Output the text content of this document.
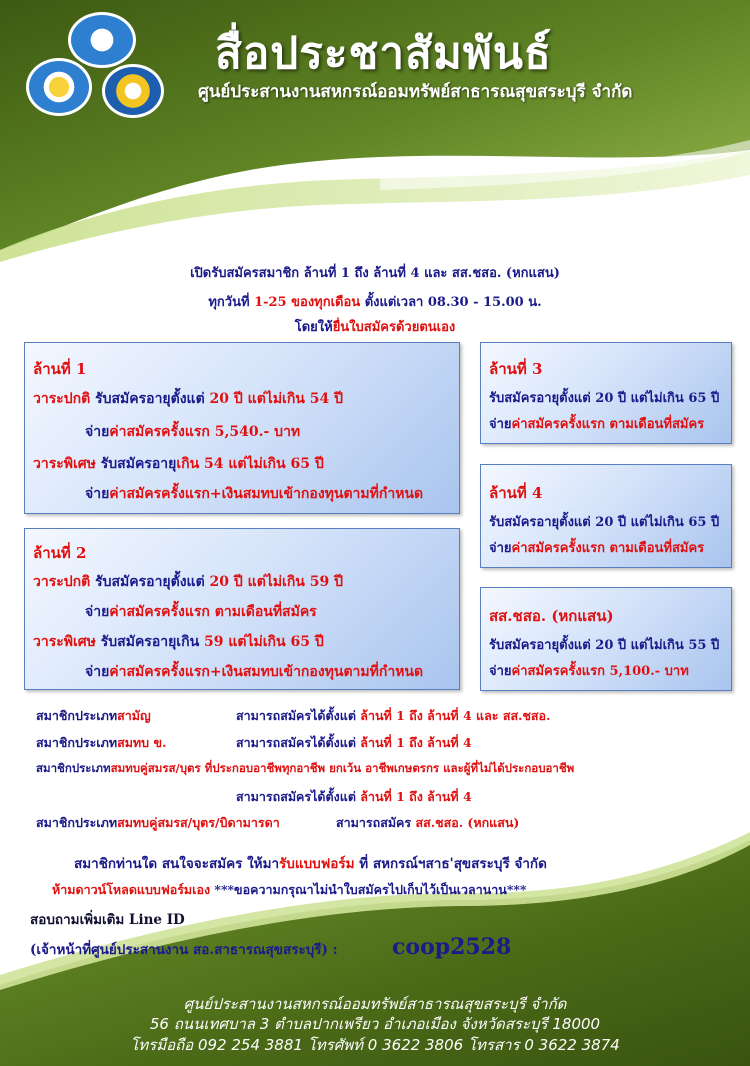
สื่อประชาสัมพันธ์
ศูนย์ประสานงานสหกรณ์ออมทรัพย์สาธารณสุขสระบุรี จำกัด
เปิดรับสมัครสมาชิก ล้านที่ 1 ถึง ล้านที่ 4 และ สส.ชสอ. (หกแสน)
ทุกวันที่ 1-25 ของทุกเดือน ตั้งแต่เวลา 08.30 - 15.00 น.
โดยให้ยื่นใบสมัครด้วยตนเอง
ล้านที่ 1
วาระปกติ รับสมัครอายุตั้งแต่ 20 ปี แต่ไม่เกิน 54 ปี
จ่ายค่าสมัครครั้งแรก 5,540.- บาท
วาระพิเศษ รับสมัครอายุเกิน 54 แต่ไม่เกิน 65 ปี
จ่ายค่าสมัครครั้งแรก+เงินสมทบเข้ากองทุนตามที่กำหนด
ล้านที่ 2
วาระปกติ รับสมัครอายุตั้งแต่ 20 ปี แต่ไม่เกิน 59 ปี
จ่ายค่าสมัครครั้งแรก ตามเดือนที่สมัคร
วาระพิเศษ รับสมัครอายุเกิน 59 แต่ไม่เกิน 65 ปี
จ่ายค่าสมัครครั้งแรก+เงินสมทบเข้ากองทุนตามที่กำหนด
ล้านที่ 3
รับสมัครอายุตั้งแต่ 20 ปี แต่ไม่เกิน 65 ปี
จ่ายค่าสมัครครั้งแรก ตามเดือนที่สมัคร
ล้านที่ 4
รับสมัครอายุตั้งแต่ 20 ปี แต่ไม่เกิน 65 ปี
จ่ายค่าสมัครครั้งแรก ตามเดือนที่สมัคร
สส.ชสอ. (หกแสน)
รับสมัครอายุตั้งแต่ 20 ปี แต่ไม่เกิน 55 ปี
จ่ายค่าสมัครครั้งแรก 5,100.- บาท
สมาชิกประเภทสามัญ	สามารถสมัครได้ตั้งแต่ ล้านที่ 1 ถึง ล้านที่ 4 และ สส.ชสอ.
สมาชิกประเภทสมทบ ข.	สามารถสมัครได้ตั้งแต่ ล้านที่ 1 ถึง ล้านที่ 4
สมาชิกประเภทสมทบคู่สมรส/บุตร ที่ประกอบอาชีพทุกอาชีพ ยกเว้น อาชีพเกษตรกร และผู้ที่ไม่ได้ประกอบอาชีพ
สามารถสมัครได้ตั้งแต่ ล้านที่ 1 ถึง ล้านที่ 4
สมาชิกประเภทสมทบคู่สมรส/บุตร/บิดามารดา	สามารถสมัคร สส.ชสอ. (หกแสน)
สมาชิกท่านใด สนใจจะสมัคร ให้มารับแบบฟอร์ม ที่ สหกรณ์ฯสาธ'สุขสระบุรี จำกัด
ห้ามดาวน์โหลดแบบฟอร์มเอง ***ขอความกรุณาไม่นำใบสมัครไปเก็บไว้เป็นเวลานาน***
สอบถามเพิ่มเติม Line ID
(เจ้าหน้าที่ศูนย์ประสานงาน สอ.สาธารณสุขสระบุรี) : coop2528
ศูนย์ประสานงานสหกรณ์ออมทรัพย์สาธารณสุขสระบุรี จำกัด
56 ถนนเทศบาล 3 ตำบลปากเพรียว อำเภอเมือง จังหวัดสระบุรี 18000
โทรมือถือ 092 254 3881 โทรศัพท์ 0 3622 3806 โทรสาร 0 3622 3874
